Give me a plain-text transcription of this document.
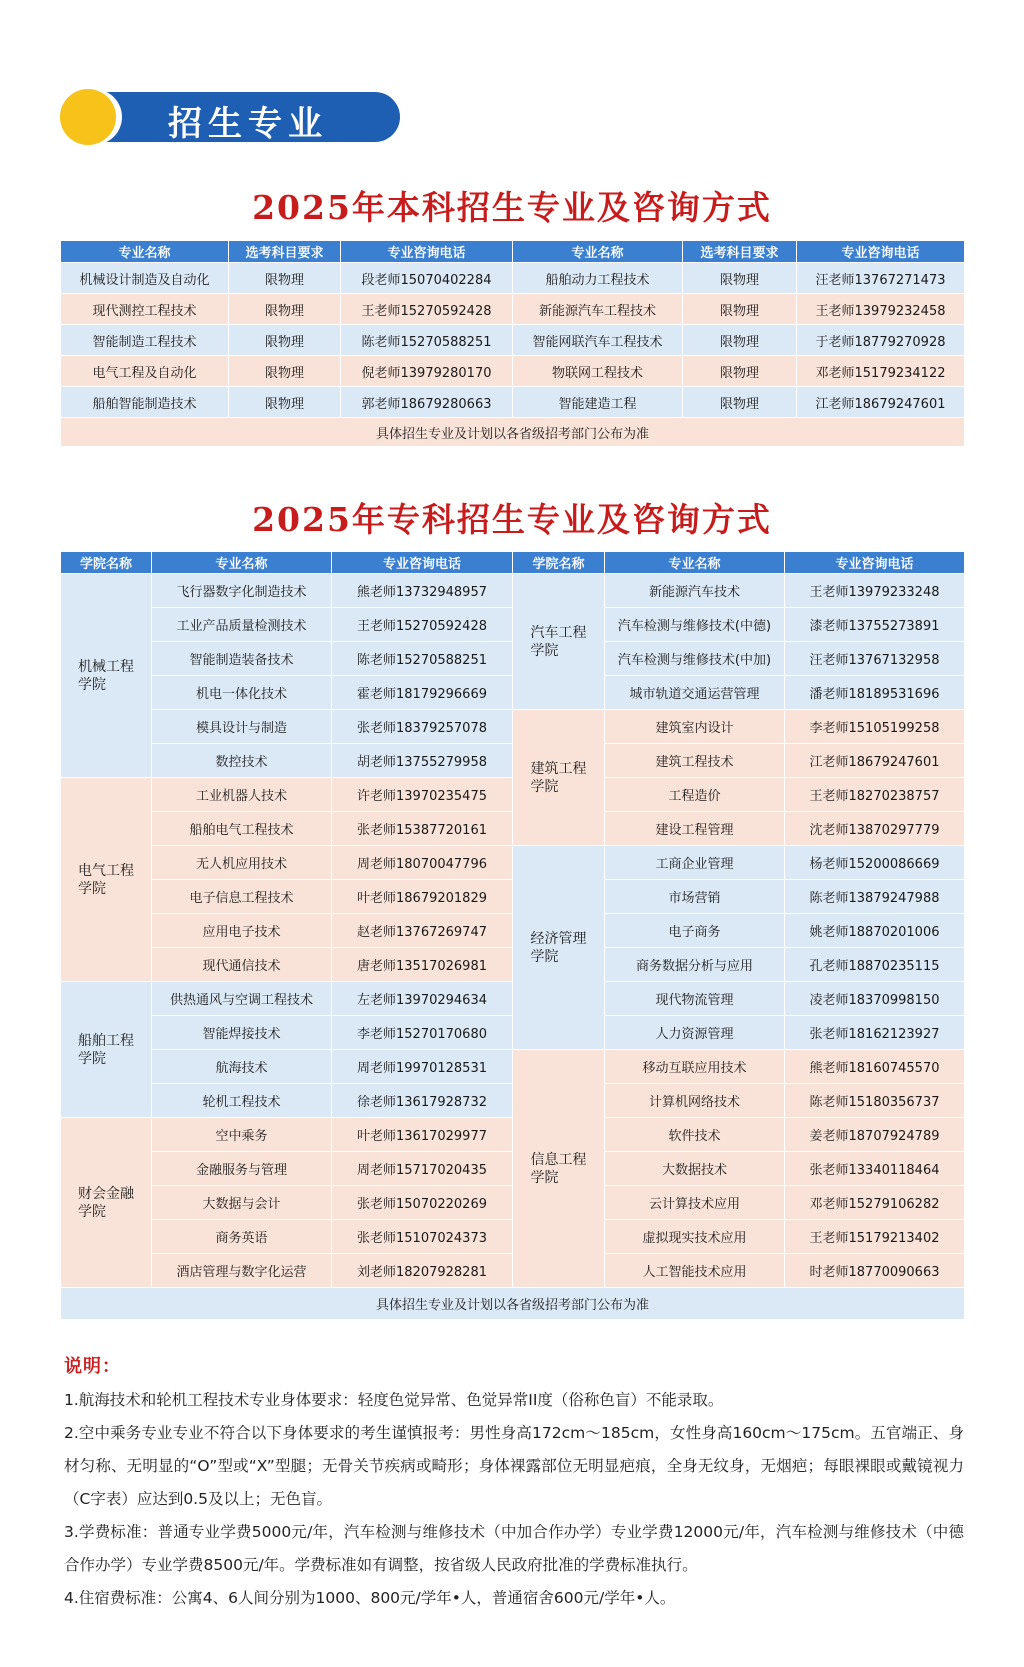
招生专业
2025年本科招生专业及咨询方式
专业名称	选考科目要求	专业咨询电话	专业名称	选考科目要求	专业咨询电话
机械设计制造及自动化	限物理	段老师15070402284	船舶动力工程技术	限物理	汪老师13767271473
现代测控工程技术	限物理	王老师15270592428	新能源汽车工程技术	限物理	王老师13979232458
智能制造工程技术	限物理	陈老师15270588251	智能网联汽车工程技术	限物理	于老师18779270928
电气工程及自动化	限物理	倪老师13979280170	物联网工程技术	限物理	邓老师15179234122
船舶智能制造技术	限物理	郭老师18679280663	智能建造工程	限物理	江老师18679247601
具体招生专业及计划以各省级招考部门公布为准					
2025年专科招生专业及咨询方式
学院名称	专业名称	专业咨询电话	学院名称	专业名称	专业咨询电话
机械工程学院	飞行器数字化制造技术	熊老师13732948957	汽车工程学院	新能源汽车技术	王老师13979233248
	工业产品质量检测技术	王老师15270592428		汽车检测与维修技术(中德)	漆老师13755273891
	智能制造装备技术	陈老师15270588251		汽车检测与维修技术(中加)	汪老师13767132958
	机电一体化技术	霍老师18179296669		城市轨道交通运营管理	潘老师18189531696
	模具设计与制造	张老师18379257078	建筑工程学院	建筑室内设计	李老师15105199258
	数控技术	胡老师13755279958		建筑工程技术	江老师18679247601
电气工程学院	工业机器人技术	许老师13970235475		工程造价	王老师18270238757
	船舶电气工程技术	张老师15387720161		建设工程管理	沈老师13870297779
	无人机应用技术	周老师18070047796	经济管理学院	工商企业管理	杨老师15200086669
	电子信息工程技术	叶老师18679201829		市场营销	陈老师13879247988
	应用电子技术	赵老师13767269747		电子商务	姚老师18870201006
	现代通信技术	唐老师13517026981		商务数据分析与应用	孔老师18870235115
船舶工程学院	供热通风与空调工程技术	左老师13970294634		现代物流管理	凌老师18370998150
	智能焊接技术	李老师15270170680		人力资源管理	张老师18162123927
	航海技术	周老师19970128531	信息工程学院	移动互联应用技术	熊老师18160745570
	轮机工程技术	徐老师13617928732		计算机网络技术	陈老师15180356737
财会金融学院	空中乘务	叶老师13617029977		软件技术	姜老师18707924789
	金融服务与管理	周老师15717020435		大数据技术	张老师13340118464
	大数据与会计	张老师15070220269		云计算技术应用	邓老师15279106282
	商务英语	张老师15107024373		虚拟现实技术应用	王老师15179213402
	酒店管理与数字化运营	刘老师18207928281		人工智能技术应用	时老师18770090663
具体招生专业及计划以各省级招考部门公布为准					
说明：

1.航海技术和轮机工程技术专业身体要求：轻度色觉异常、色觉异常II度（俗称色盲）不能录取。

2.空中乘务专业专业不符合以下身体要求的考生谨慎报考：男性身高172cm～185cm，女性身高160cm～175cm。五官端正、身材匀称、无明显的“O”型或“X”型腿；无骨关节疾病或畸形；身体裸露部位无明显疤痕，全身无纹身，无烟疤；每眼裸眼或戴镜视力（C字表）应达到0.5及以上；无色盲。

3.学费标准：普通专业学费5000元/年，汽车检测与维修技术（中加合作办学）专业学费12000元/年，汽车检测与维修技术（中德合作办学）专业学费8500元/年。学费标准如有调整，按省级人民政府批准的学费标准执行。

4.住宿费标准：公寓4、6人间分别为1000、800元/学年•人，普通宿舍600元/学年•人。
